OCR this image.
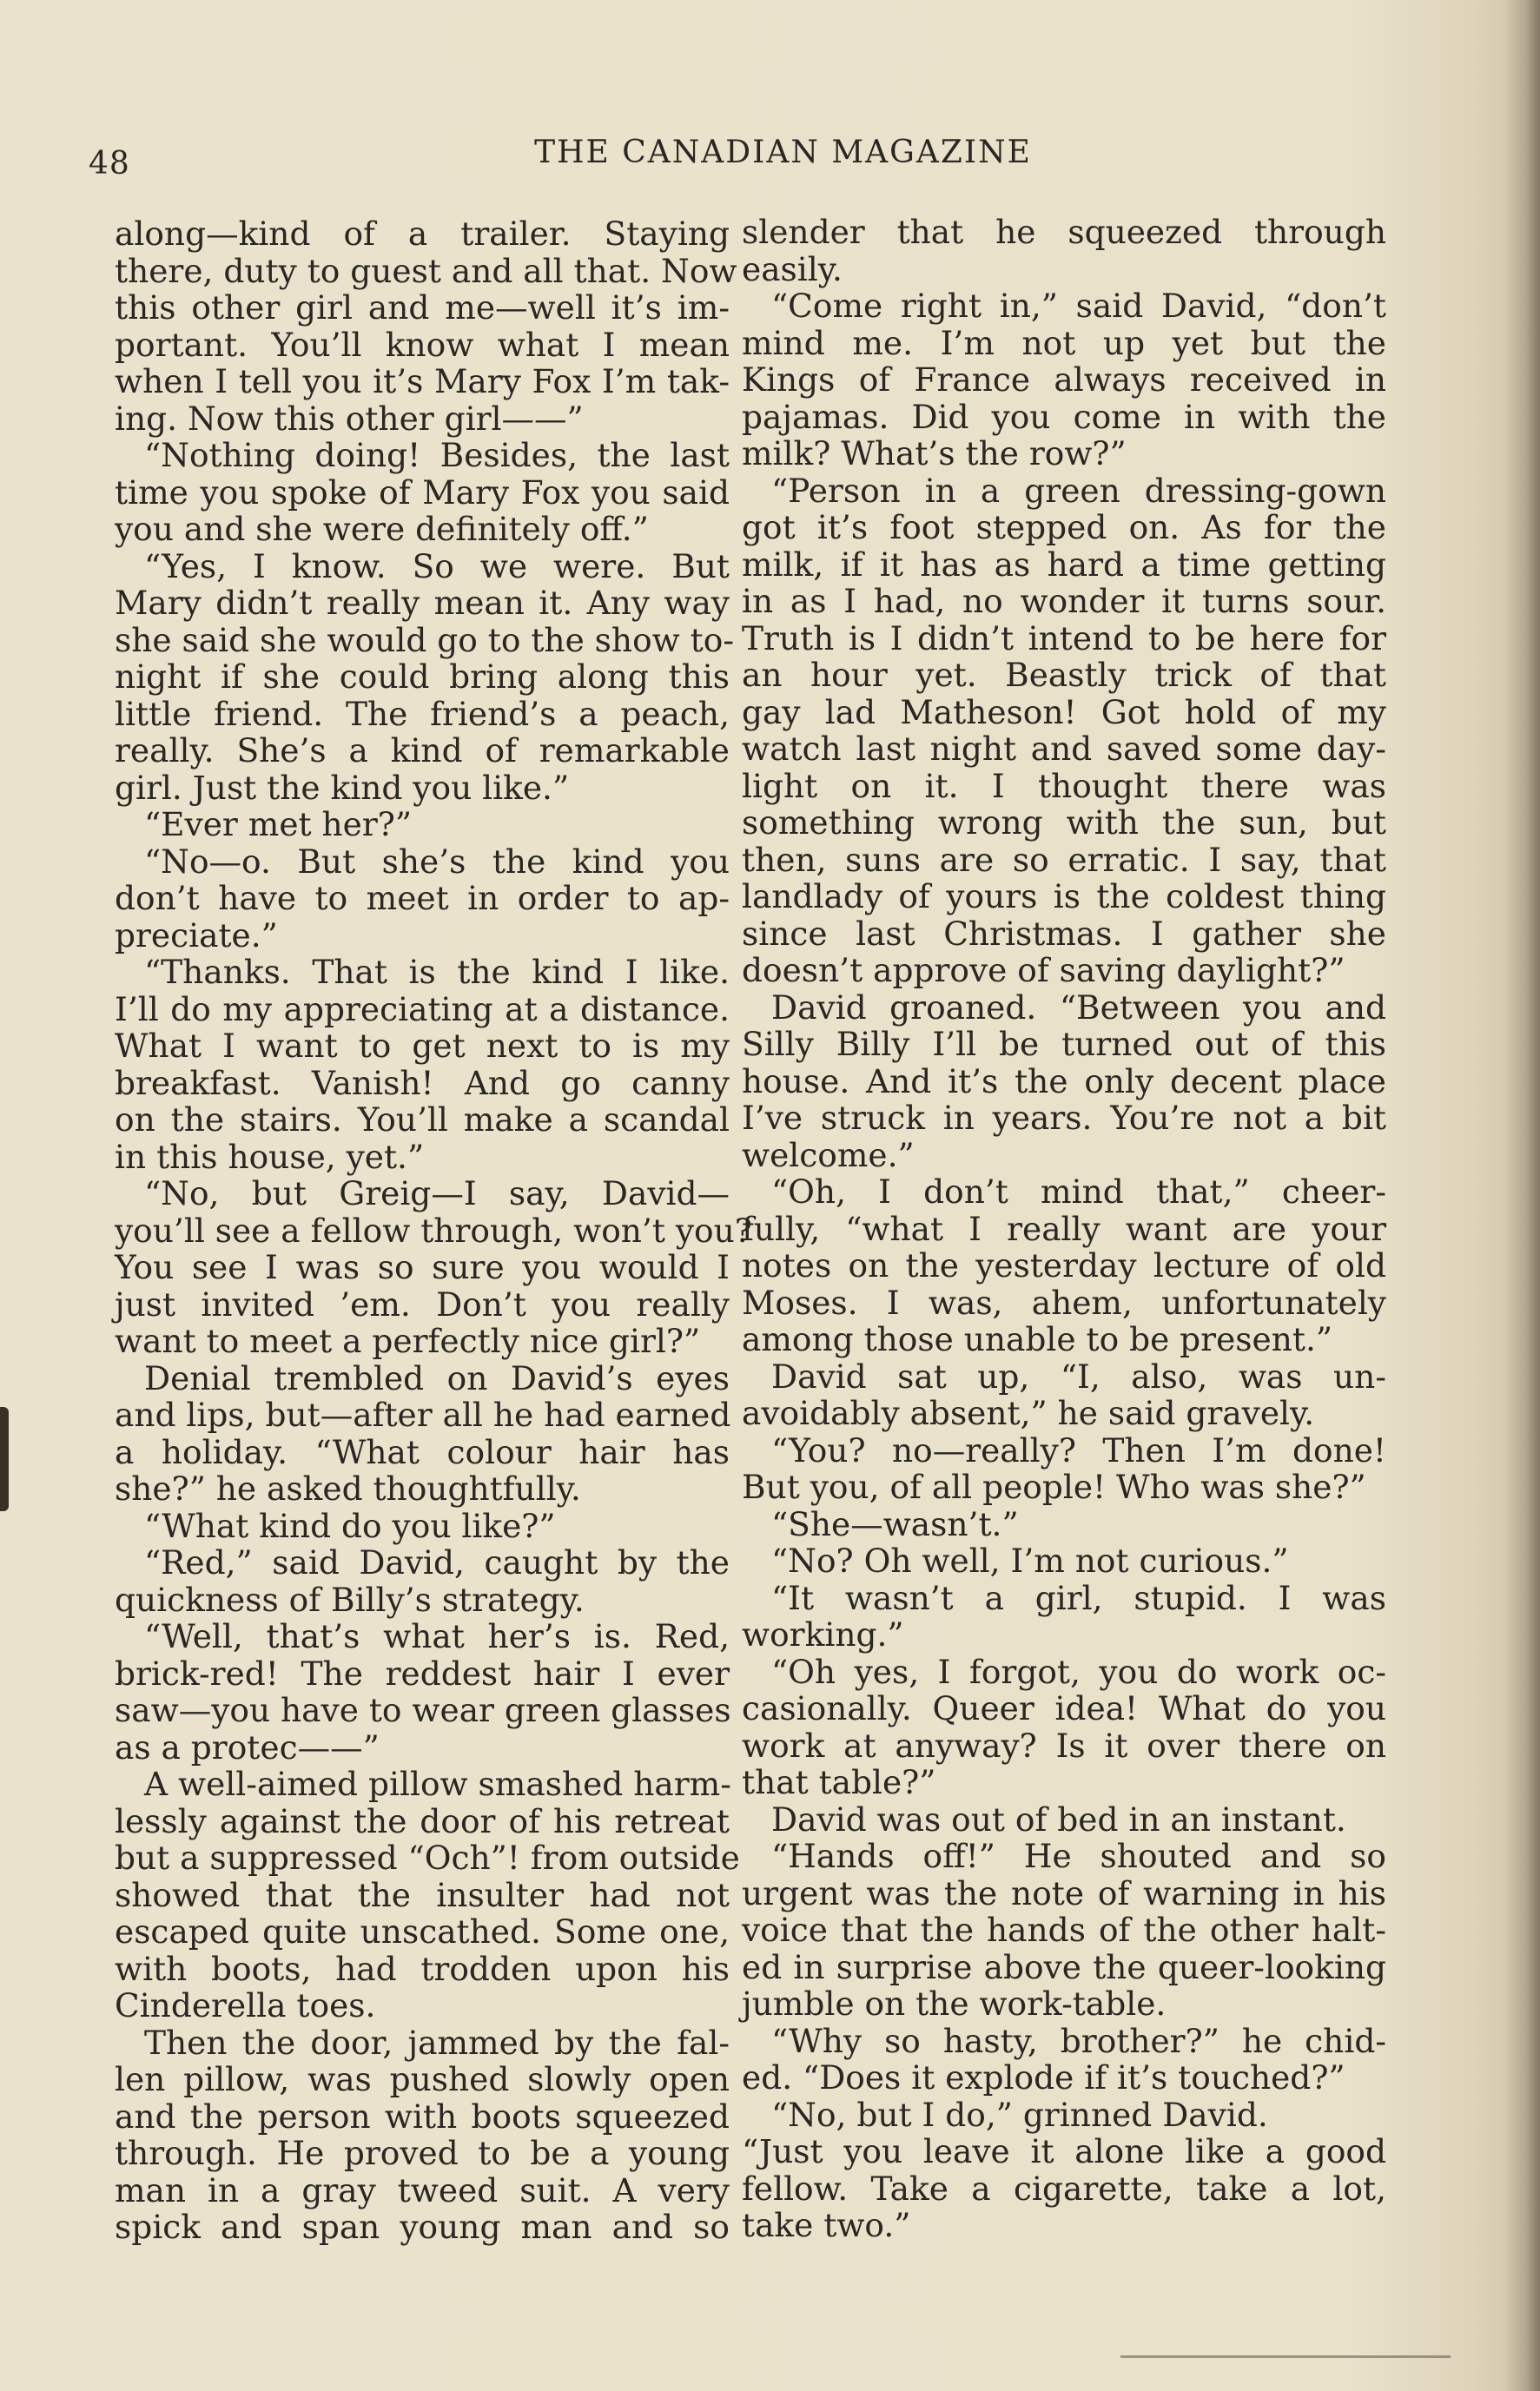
48	THE CANADIAN MAGAZINE
along—kind of a trailer. Staying
there, duty to guest and all that. Now
this other girl and me—well it’s im-
portant. You’ll know what I mean
when I tell you it’s Mary Fox I’m tak-
ing. Now this other girl——”
“Nothing doing! Besides, the last
time you spoke of Mary Fox you said
you and she were definitely off.”
“Yes, I know. So we were. But
Mary didn’t really mean it. Any way
she said she would go to the show to-
night if she could bring along this
little friend. The friend’s a peach,
really. She’s a kind of remarkable
girl. Just the kind you like.”
“Ever met her?”
“No—o. But she’s the kind you
don’t have to meet in order to ap-
preciate.”
“Thanks. That is the kind I like.
I’ll do my appreciating at a distance.
What I want to get next to is my
breakfast. Vanish! And go canny
on the stairs. You’ll make a scandal
in this house, yet.”
“No, but Greig—I say, David—
you’ll see a fellow through, won’t you?
You see I was so sure you would I
just invited ’em. Don’t you really
want to meet a perfectly nice girl?”
Denial trembled on David’s eyes
and lips, but—after all he had earned
a holiday. “What colour hair has
she?” he asked thoughtfully.
“What kind do you like?”
“Red,” said David, caught by the
quickness of Billy’s strategy.
“Well, that’s what her’s is. Red,
brick-red! The reddest hair I ever
saw—you have to wear green glasses
as a protec——”
A well-aimed pillow smashed harm-
lessly against the door of his retreat
but a suppressed “Och”! from outside
showed that the insulter had not
escaped quite unscathed. Some one,
with boots, had trodden upon his
Cinderella toes.
Then the door, jammed by the fal-
len pillow, was pushed slowly open
and the person with boots squeezed
through. He proved to be a young
man in a gray tweed suit. A very
spick and span young man and so
slender that he squeezed through
easily.
“Come right in,” said David, “don’t
mind me. I’m not up yet but the
Kings of France always received in
pajamas. Did you come in with the
milk? What’s the row?”
“Person in a green dressing-gown
got it’s foot stepped on. As for the
milk, if it has as hard a time getting
in as I had, no wonder it turns sour.
Truth is I didn’t intend to be here for
an hour yet. Beastly trick of that
gay lad Matheson! Got hold of my
watch last night and saved some day-
light on it. I thought there was
something wrong with the sun, but
then, suns are so erratic. I say, that
landlady of yours is the coldest thing
since last Christmas. I gather she
doesn’t approve of saving daylight?”
David groaned. “Between you and
Silly Billy I’ll be turned out of this
house. And it’s the only decent place
I’ve struck in years. You’re not a bit
welcome.”
“Oh, I don’t mind that,” cheer-
fully, “what I really want are your
notes on the yesterday lecture of old
Moses. I was, ahem, unfortunately
among those unable to be present.”
David sat up, “I, also, was un-
avoidably absent,” he said gravely.
“You? no—really? Then I’m done!
But you, of all people! Who was she?”
“She—wasn’t.”
“No? Oh well, I’m not curious.”
“It wasn’t a girl, stupid. I was
working.”
“Oh yes, I forgot, you do work oc-
casionally. Queer idea! What do you
work at anyway? Is it over there on
that table?”
David was out of bed in an instant.
“Hands off!” He shouted and so
urgent was the note of warning in his
voice that the hands of the other halt-
ed in surprise above the queer-looking
jumble on the work-table.
“Why so hasty, brother?” he chid-
ed. “Does it explode if it’s touched?”
“No, but I do,” grinned David.
“Just you leave it alone like a good
fellow. Take a cigarette, take a lot,
take two.”
